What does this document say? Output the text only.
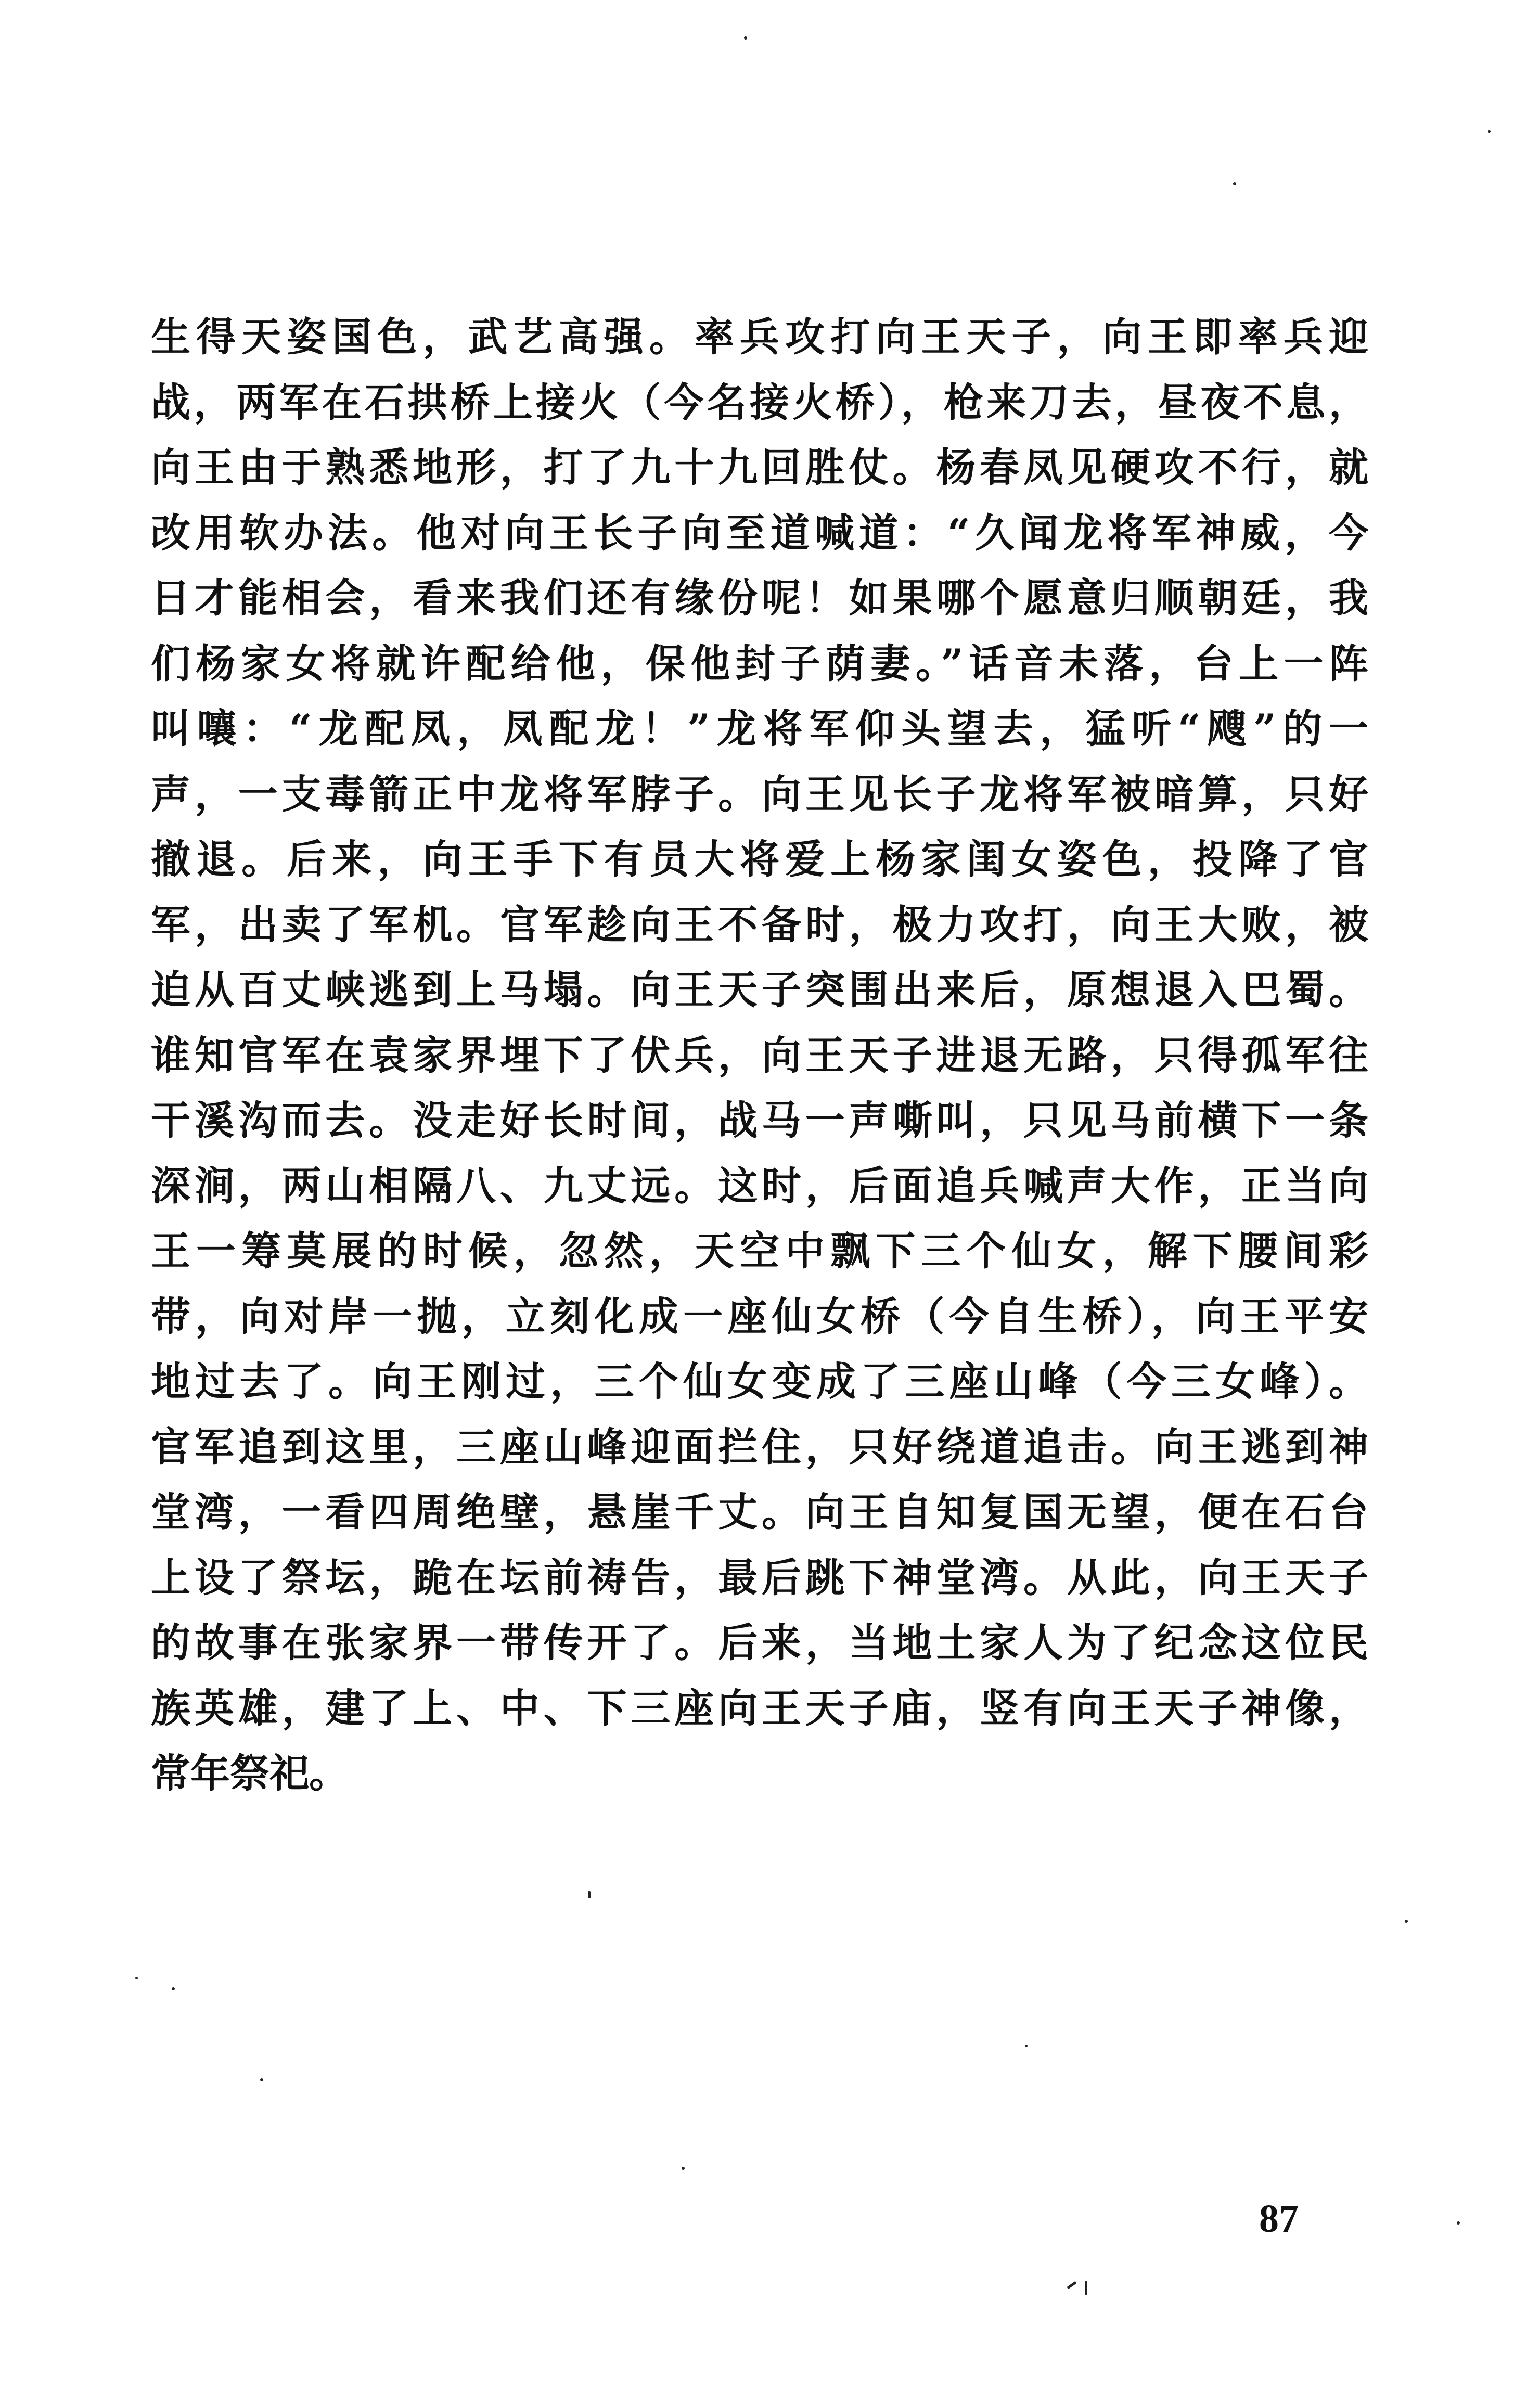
生得天姿国色，武艺高强。率兵攻打向王天子，向王即率兵迎
战，两军在石拱桥上接火（今名接火桥），枪来刀去，昼夜不息，
向王由于熟悉地形，打了九十九回胜仗。杨春凤见硬攻不行，就
改用软办法。他对向王长子向至道喊道：“久闻龙将军神威，今
日才能相会，看来我们还有缘份呢！如果哪个愿意归顺朝廷，我
们杨家女将就许配给他，保他封子荫妻。”话音未落，台上一阵
叫嚷：“龙配凤，凤配龙！”龙将军仰头望去，猛听“飕”的一
声，一支毒箭正中龙将军脖子。向王见长子龙将军被暗算，只好
撤退。后来，向王手下有员大将爱上杨家闺女姿色，投降了官
军，出卖了军机。官军趁向王不备时，极力攻打，向王大败，被
迫从百丈峡逃到上马塌。向王天子突围出来后，原想退入巴蜀。
谁知官军在袁家界埋下了伏兵，向王天子进退无路，只得孤军往
干溪沟而去。没走好长时间，战马一声嘶叫，只见马前横下一条
深涧，两山相隔八、九丈远。这时，后面追兵喊声大作，正当向
王一筹莫展的时候，忽然，天空中飘下三个仙女，解下腰间彩
带，向对岸一抛，立刻化成一座仙女桥（今自生桥），向王平安
地过去了。向王刚过，三个仙女变成了三座山峰（今三女峰）。
官军追到这里，三座山峰迎面拦住，只好绕道追击。向王逃到神
堂湾，一看四周绝壁，悬崖千丈。向王自知复国无望，便在石台
上设了祭坛，跪在坛前祷告，最后跳下神堂湾。从此，向王天子
的故事在张家界一带传开了。后来，当地土家人为了纪念这位民
族英雄，建了上、中、下三座向王天子庙，竖有向王天子神像，
常年祭祀。
87
